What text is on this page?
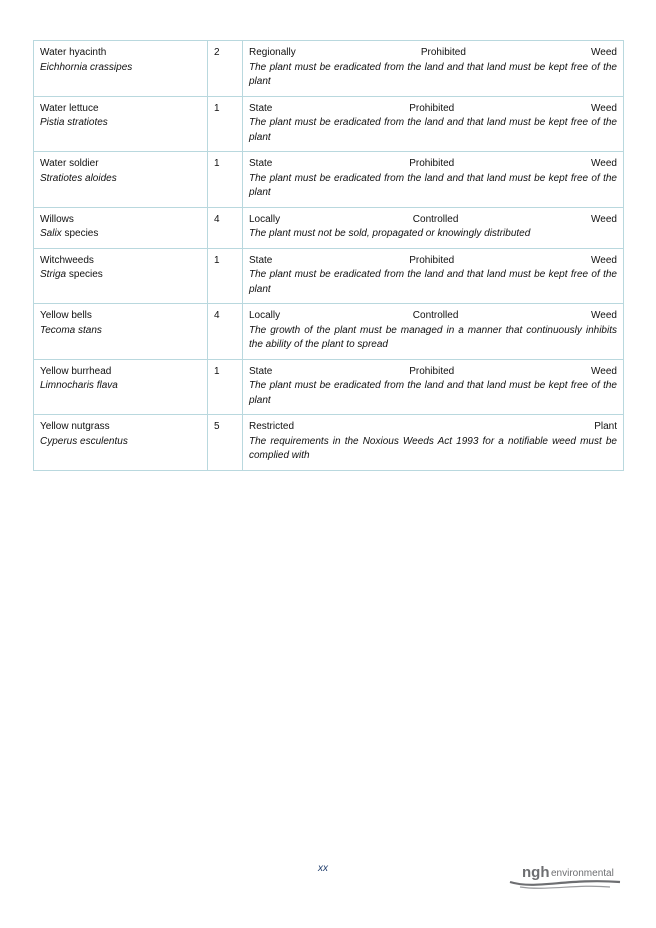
Water hyacinth
Eichhornia crassipes	2	Regionally Prohibited Weed
The plant must be eradicated from the land and that land must be kept free of the plant

Water lettuce
Pistia stratiotes	1	State Prohibited Weed
The plant must be eradicated from the land and that land must be kept free of the plant

Water soldier
Stratiotes aloides	1	State Prohibited Weed
The plant must be eradicated from the land and that land must be kept free of the plant

Willows
Salix species	4	Locally Controlled Weed
The plant must not be sold, propagated or knowingly distributed

Witchweeds
Striga species	1	State Prohibited Weed
The plant must be eradicated from the land and that land must be kept free of the plant

Yellow bells
Tecoma stans	4	Locally Controlled Weed
The growth of the plant must be managed in a manner that continuously inhibits the ability of the plant to spread

Yellow burrhead
Limnocharis flava	1	State Prohibited Weed
The plant must be eradicated from the land and that land must be kept free of the plant

Yellow nutgrass
Cyperus esculentus	5	Restricted Plant
The requirements in the Noxious Weeds Act 1993 for a notifiable weed must be complied with
xx	ngh environmental
